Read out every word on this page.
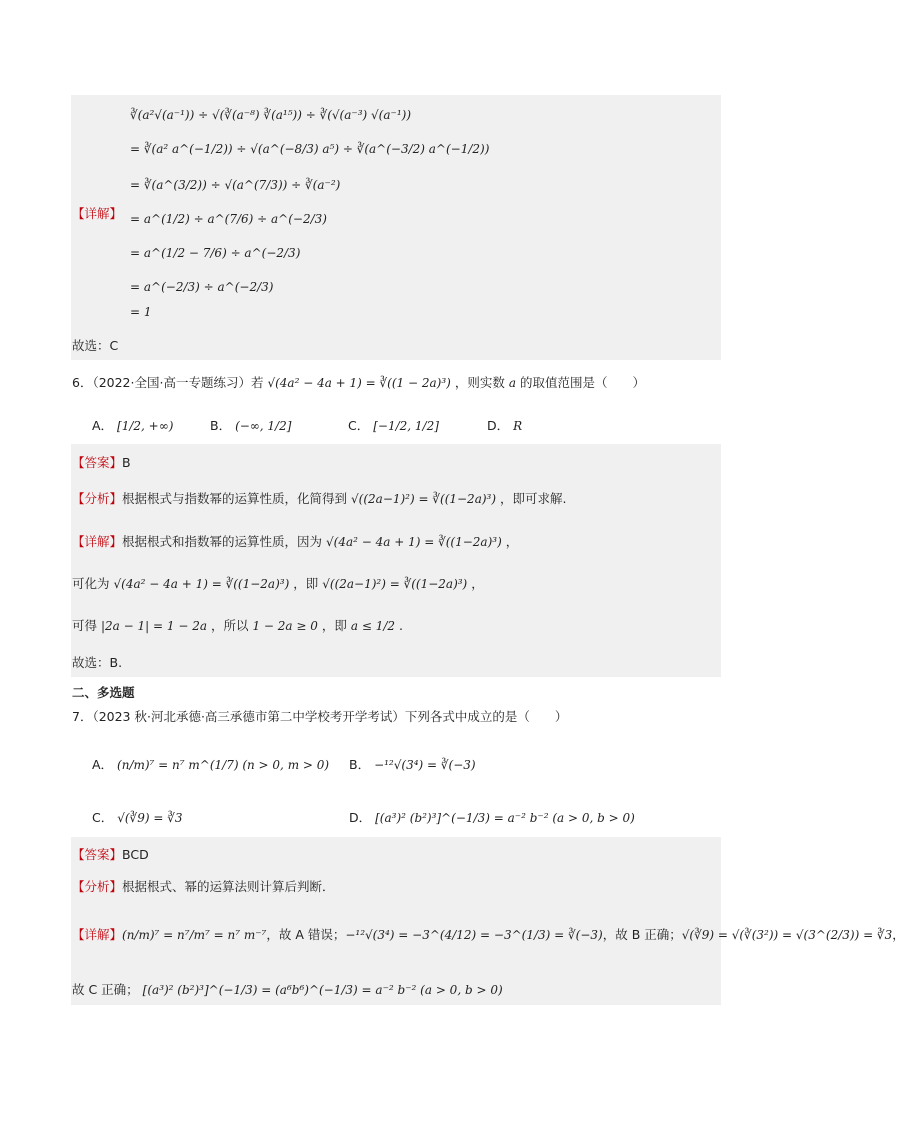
∛(a²√(a⁻¹)) ÷ √(∛(a⁻⁸) ∛(a¹⁵)) ÷ ∛(√(a⁻³) √(a⁻¹))
= ∛(a² a^(−1/2)) ÷ √(a^(−8/3) a⁵) ÷ ∛(a^(−3/2) a^(−1/2))
= ∛(a^(3/2)) ÷ √(a^(7/3)) ÷ ∛(a⁻²)
【详解】 = a^(1/2) ÷ a^(7/6) ÷ a^(−2/3)
= a^(1/2 − 7/6) ÷ a^(−2/3)
= a^(−2/3) ÷ a^(−2/3)
= 1
故选：C
6．（2022·全国·高一专题练习）若 √(4a² − 4a + 1) = ∛((1 − 2a)³) ，则实数 a 的取值范围是（　　）
A． [1/2, +∞)	B． (−∞, 1/2]	C． [−1/2, 1/2]	D． R
【答案】B
【分析】根据根式与指数幂的运算性质，化简得到 √((2a−1)²) = ∛((1−2a)³) ，即可求解.
【详解】根据根式和指数幂的运算性质，因为 √(4a² − 4a + 1) = ∛((1−2a)³) ，
可化为 √(4a² − 4a + 1) = ∛((1−2a)³) ，即 √((2a−1)²) = ∛((1−2a)³) ，
可得 |2a − 1| = 1 − 2a ，所以 1 − 2a ≥ 0 ，即 a ≤ 1/2 .
故选：B.
二、多选题
7．（2023 秋·河北承德·高三承德市第二中学校考开学考试）下列各式中成立的是（　　）
A． (n/m)⁷ = n⁷ m^(1/7) (n > 0, m > 0) B． −¹²√(3⁴) = ∛(−3)
C． √(∛9) = ∛3	D． [(a³)² (b²)³]^(−1/3) = a⁻² b⁻² (a > 0, b > 0)
【答案】BCD
【分析】根据根式、幂的运算法则计算后判断．
【详解】(n/m)⁷ = n⁷/m⁷ = n⁷ m⁻⁷，故 A 错误；−¹²√(3⁴) = −3^(4/12) = −3^(1/3) = ∛(−3)，故 B 正确；√(∛9) = √(∛(3²)) = √(3^(2/3)) = ∛3，
故 C 正确； [(a³)² (b²)³]^(−1/3) = (a⁶b⁶)^(−1/3) = a⁻² b⁻² (a > 0, b > 0)
